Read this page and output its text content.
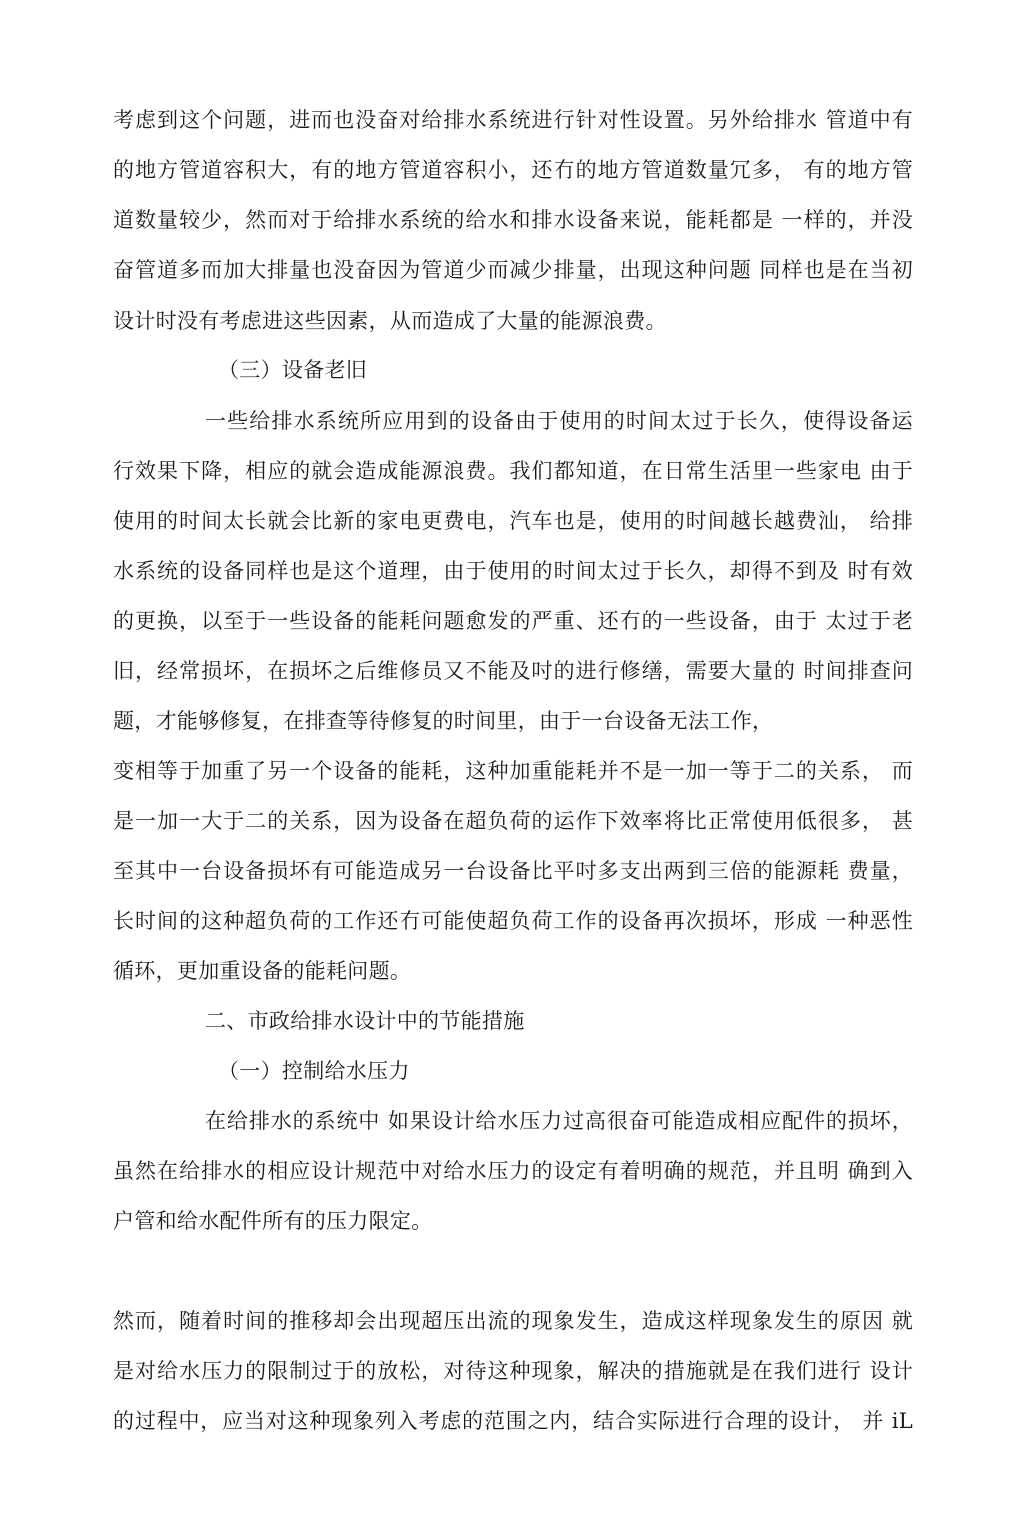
考虑到这个问题，进而也没奋对给排水系统进行针对性设置。另外给排水 管道中有
的地方管道容积大，有的地方管道容积小，还冇的地方管道数量冗多， 有的地方管
道数量较少，然而对于给排水系统的给水和排水设备来说，能耗都是 一样的，并没
奋管道多而加大排量也没奋因为管道少而减少排量，出现这种问题 同样也是在当初
设计时没有考虑进这些因素，从而造成了大量的能源浪费。
（三）设备老旧
一些给排水系统所应用到的设备由于使用的时间太过于长久，使得设备运
行效果下降，相应的就会造成能源浪费。我们都知道，在日常生活里一些家电 由于
使用的时间太长就会比新的家电更费电，汽车也是，使用的时间越长越费汕， 给排
水系统的设备同样也是这个道理，由于使用的时间太过于长久，却得不到及 时有效
的更换，以至于一些设备的能耗问题愈发的严重、还冇的一些设备，由于 太过于老
旧，经常损坏，在损坏之后维修员又不能及吋的进行修缮，需要大量的 时间排查问
题，才能够修复，在排查等待修复的时间里，由于一台设备无法工作，
变相等于加重了另一个设备的能耗，这种加重能耗并不是一加一等于二的关系， 而
是一加一大于二的关系，因为设备在超负荷的运作下效率将比正常使用低很多， 甚
至其中一台设备损坏有可能造成另一台设备比平吋多支出两到三倍的能源耗 费量，
长时间的这种超负荷的工作还冇可能使超负荷工作的设备再次损坏，形成 一种恶性
循环，更加重设备的能耗问题。
二、市政给排水设计中的节能措施
（一）控制给水压力
在给排水的系统中 如果设计给水压力过高很奋可能造成相应配件的损坏，
虽然在给排水的相应设计规范中对给水压力的设定有着明确的规范，并且明 确到入
户管和给水配件所有的压力限定。
然而，随着时间的推移却会出现超压出流的现象发生，造成这样现象发生的原因 就
是对给水压力的限制过于的放松，对待这种现象，解决的措施就是在我们进行 设计
的过程中，应当对这种现象列入考虑的范围之内，结合实际进行合理的设计， 并 iL
